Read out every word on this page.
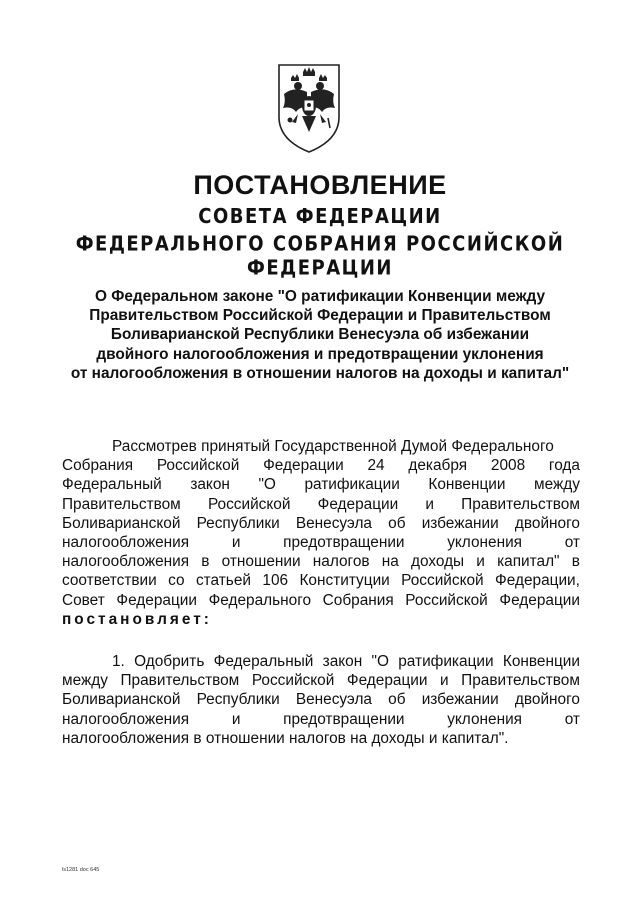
ПОСТАНОВЛЕНИЕ
СОВЕТА ФЕДЕРАЦИИ
ФЕДЕРАЛЬНОГО СОБРАНИЯ РОССИЙСКОЙ ФЕДЕРАЦИИ
О Федеральном законе "О ратификации Конвенции между
Правительством Российской Федерации и Правительством
Боливарианской Республики Венесуэла об избежании
двойного налогообложения и предотвращении уклонения
от налогообложения в отношении налогов на доходы и капитал"
Рассмотрев принятый Государственной Думой Федерального
Собрания Российской Федерации 24 декабря 2008 года
Федеральный закон "О ратификации Конвенции между
Правительством Российской Федерации и Правительством
Боливарианской Республики Венесуэла об избежании двойного
налогообложения	и	предотвращении	уклонения	от
налогообложения в отношении налогов на доходы и капитал" в
соответствии со статьей 106 Конституции Российской Федерации,
Совет Федерации Федерального Собрания Российской Федерации
постановляет:
1. Одобрить Федеральный закон "О ратификации Конвенции
между Правительством Российской Федерации и Правительством
Боливарианской Республики Венесуэла об избежании двойного
налогообложения	и	предотвращении	уклонения	от
налогообложения в отношении налогов на доходы и капитал".
ls1281 doc 645
